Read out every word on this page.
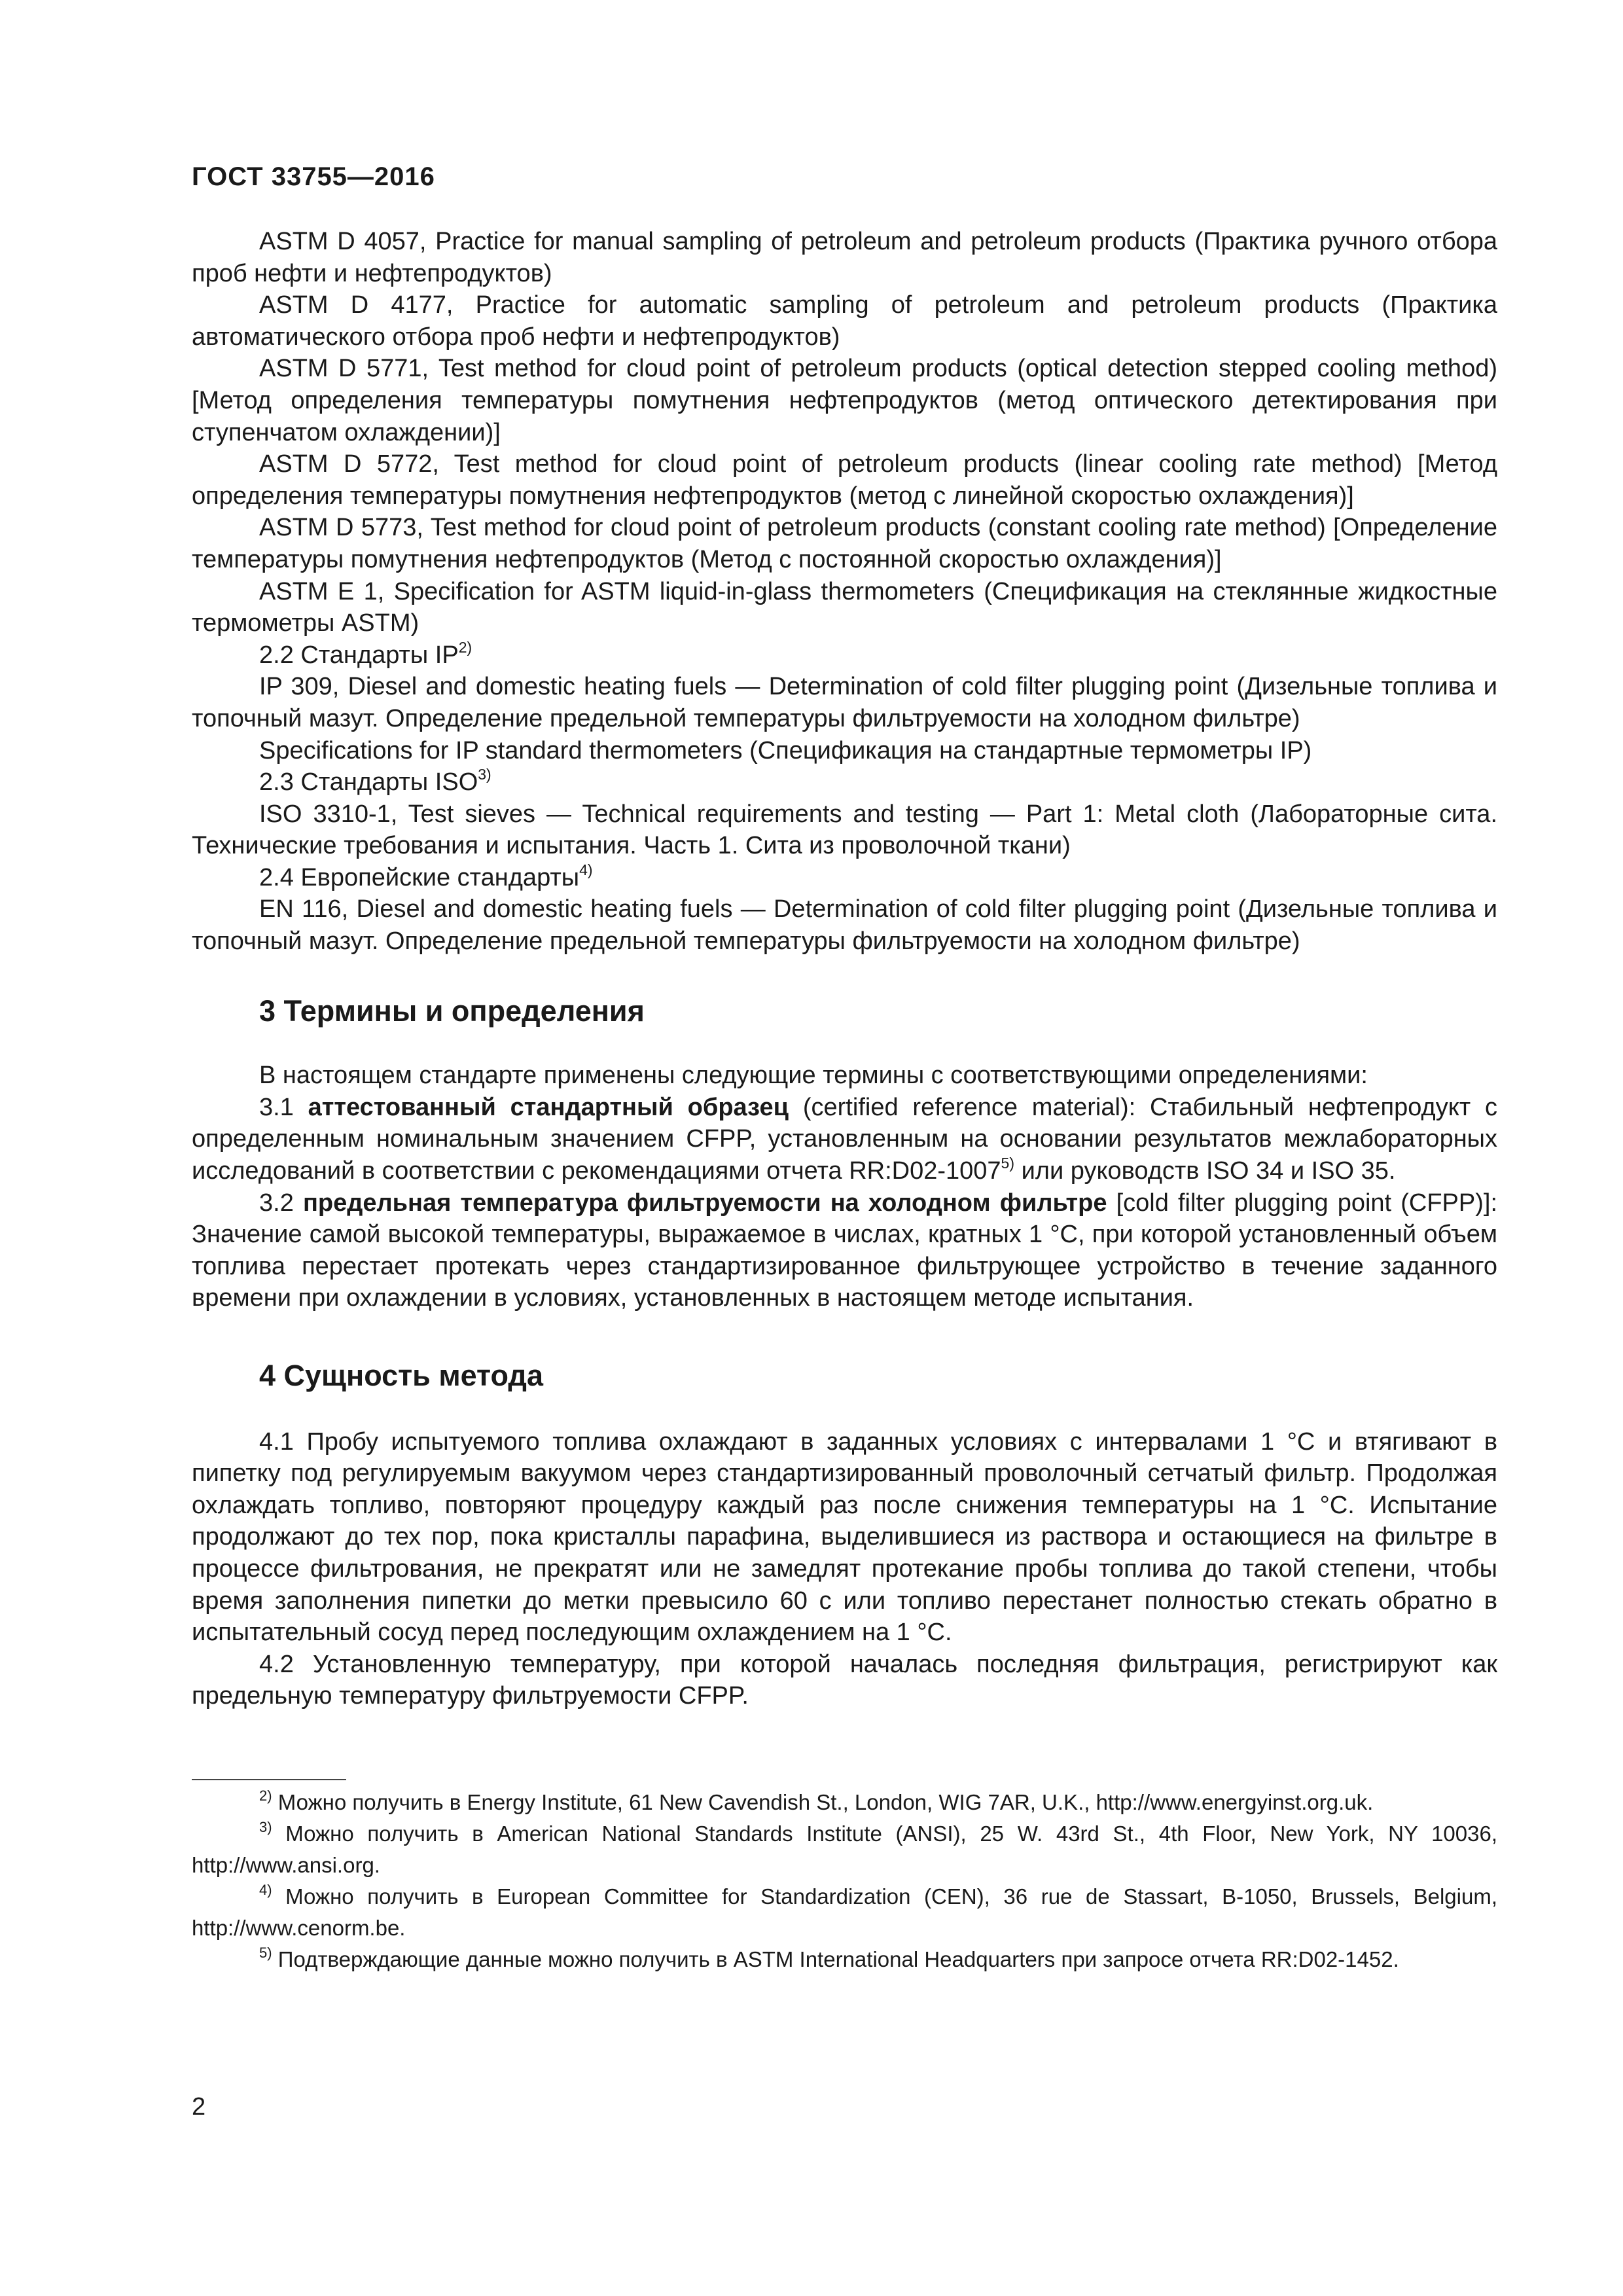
ГОСТ 33755—2016

ASTM D 4057, Practice for manual sampling of petroleum and petroleum products (Практика ручного отбора проб нефти и нефтепродуктов)

ASTM D 4177, Practice for automatic sampling of petroleum and petroleum products (Практика автоматического отбора проб нефти и нефтепродуктов)

ASTM D 5771, Test method for cloud point of petroleum products (optical detection stepped cooling method) [Метод определения температуры помутнения нефтепродуктов (метод оптического детектирования при ступенчатом охлаждении)]

ASTM D 5772, Test method for cloud point of petroleum products (linear cooling rate method) [Метод определения температуры помутнения нефтепродуктов (метод с линейной скоростью охлаждения)]

ASTM D 5773, Test method for cloud point of petroleum products (constant cooling rate method) [Определение температуры помутнения нефтепродуктов (Метод с постоянной скоростью охлаждения)]

ASTM E 1, Specification for ASTM liquid-in-glass thermometers (Спецификация на стеклянные жидкостные термометры ASTM)

2.2 Стандарты IP$^{2)}$

IP 309, Diesel and domestic heating fuels — Determination of cold filter plugging point (Дизельные топлива и топочный мазут. Определение предельной температуры фильтруемости на холодном фильтре)

Specifications for IP standard thermometers (Спецификация на стандартные термометры IP)

2.3 Стандарты ISO$^{3)}$

ISO 3310-1, Test sieves — Technical requirements and testing — Part 1: Metal cloth (Лабораторные сита. Технические требования и испытания. Часть 1. Сита из проволочной ткани)

2.4 Европейские стандарты$^{4)}$

EN 116, Diesel and domestic heating fuels — Determination of cold filter plugging point (Дизельные топлива и топочный мазут. Определение предельной температуры фильтруемости на холодном фильтре)

3 Термины и определения

В настоящем стандарте применены следующие термины с соответствующими определениями:

3.1 аттестованный стандартный образец (certified reference material): Стабильный нефтепродукт с определенным номинальным значением CFPP, установленным на основании результатов межлабораторных исследований в соответствии с рекомендациями отчета RR:D02-1007$^{5)}$ или руководств ISO 34 и ISO 35.

3.2 предельная температура фильтруемости на холодном фильтре [cold filter plugging point (CFPP)]: Значение самой высокой температуры, выражаемое в числах, кратных 1 °С, при которой установленный объем топлива перестает протекать через стандартизированное фильтрующее устройство в течение заданного времени при охлаждении в условиях, установленных в настоящем методе испытания.

4 Сущность метода

4.1 Пробу испытуемого топлива охлаждают в заданных условиях с интервалами 1 °С и втягивают в пипетку под регулируемым вакуумом через стандартизированный проволочный сетчатый фильтр. Продолжая охлаждать топливо, повторяют процедуру каждый раз после снижения температуры на 1 °С. Испытание продолжают до тех пор, пока кристаллы парафина, выделившиеся из раствора и остающиеся на фильтре в процессе фильтрования, не прекратят или не замедлят протекание пробы топлива до такой степени, чтобы время заполнения пипетки до метки превысило 60 с или топливо перестанет полностью стекать обратно в испытательный сосуд перед последующим охлаждением на 1 °С.

4.2 Установленную температуру, при которой началась последняя фильтрация, регистрируют как предельную температуру фильтруемости CFPP.

$^{2)}$ Можно получить в Energy Institute, 61 New Cavendish St., London, WIG 7AR, U.K., http://www.energyinst.org.uk.

$^{3)}$ Можно получить в American National Standards Institute (ANSI), 25 W. 43rd St., 4th Floor, New York, NY 10036, http://www.ansi.org.

$^{4)}$ Можно получить в European Committee for Standardization (CEN), 36 rue de Stassart, B-1050, Brussels, Belgium, http://www.cenorm.be.

$^{5)}$ Подтверждающие данные можно получить в ASTM International Headquarters при запросе отчета RR:D02-1452.

2
